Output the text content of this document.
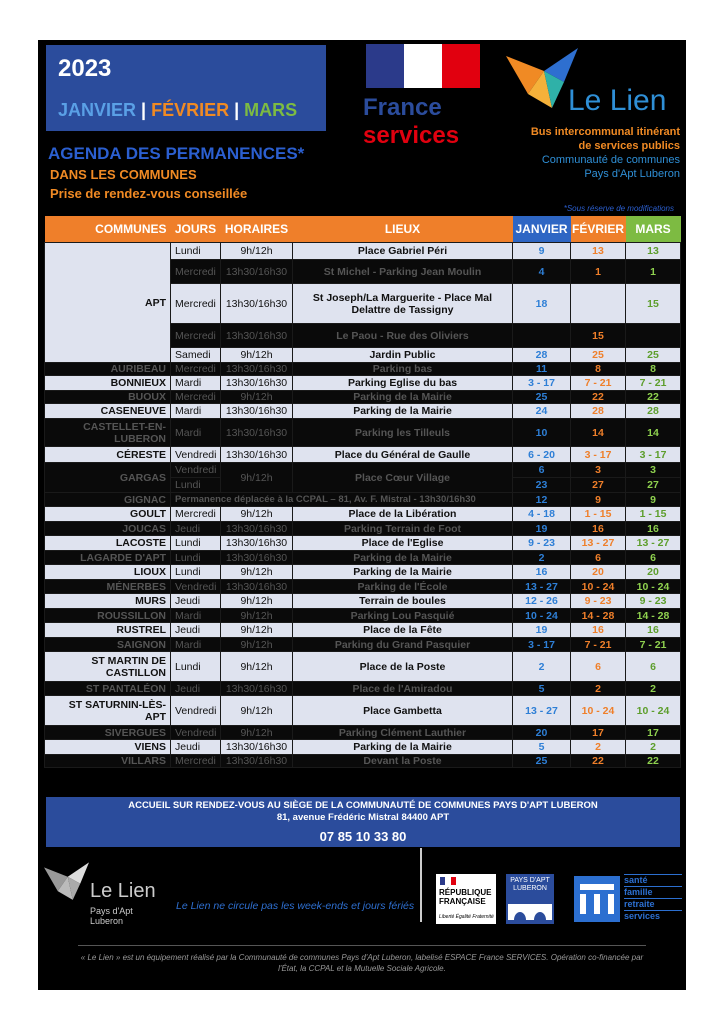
2023
JANVIER | FÉVRIER | MARS
AGENDA DES PERMANENCES*
DANS LES COMMUNES
Prise de rendez-vous conseillée
France
services
Le Lien
Bus intercommunal itinérant
de services publics
Communauté de communes
Pays d'Apt Luberon
*Sous réserve de modifications
COMMUNES	JOURS	HORAIRES	LIEUX	JANVIER	FÉVRIER	MARS
APT	Lundi	9h/12h	Place Gabriel Péri	9	13	13
	Mercredi	13h30/16h30	St Michel - Parking Jean Moulin	4	1	1
	Mercredi	13h30/16h30	St Joseph/La Marguerite - Place Mal Delattre de Tassigny	18		15
	Mercredi	13h30/16h30	Le Paou - Rue des Oliviers		15	
	Samedi	9h/12h	Jardin Public	28	25	25
AURIBEAU	Mercredi	13h30/16h30	Parking bas	11	8	8
BONNIEUX	Mardi	13h30/16h30	Parking Eglise du bas	3 - 17	7 - 21	7 - 21
BUOUX	Mercredi	9h/12h	Parking de la Mairie	25	22	22
CASENEUVE	Mardi	13h30/16h30	Parking de la Mairie	24	28	28
CASTELLET-EN-LUBERON	Mardi	13h30/16h30	Parking les Tilleuls	10	14	14
CÉRESTE	Vendredi	13h30/16h30	Place du Général de Gaulle	6 - 20	3 - 17	3 - 17
GARGAS	Vendredi	9h/12h	Place Cœur Village	6	3	3
	Lundi			23	27	27
GIGNAC	Permanence déplacée à la CCPAL – 81, Av. F. Mistral - 13h30/16h30			12	9	9
GOULT	Mercredi	9h/12h	Place de la Libération	4 - 18	1 - 15	1 - 15
JOUCAS	Jeudi	13h30/16h30	Parking Terrain de Foot	19	16	16
LACOSTE	Lundi	13h30/16h30	Place de l'Eglise	9 - 23	13 - 27	13 - 27
LAGARDE D'APT	Lundi	13h30/16h30	Parking de la Mairie	2	6	6
LIOUX	Lundi	9h/12h	Parking de la Mairie	16	20	20
MÉNERBES	Vendredi	13h30/16h30	Parking de l'École	13 - 27	10 - 24	10 - 24
MURS	Jeudi	9h/12h	Terrain de boules	12 - 26	9 - 23	9 - 23
ROUSSILLON	Mardi	9h/12h	Parking Lou Pasquié	10 - 24	14 - 28	14 - 28
RUSTREL	Jeudi	9h/12h	Place de la Fête	19	16	16
SAIGNON	Mardi	9h/12h	Parking du Grand Pasquier	3 - 17	7 - 21	7 - 21
ST MARTIN DE CASTILLON	Lundi	9h/12h	Place de la Poste	2	6	6
ST PANTALÉON	Jeudi	13h30/16h30	Place de l'Amiradou	5	2	2
ST SATURNIN-LÈS-APT	Vendredi	9h/12h	Place Gambetta	13 - 27	10 - 24	10 - 24
SIVERGUES	Vendredi	9h/12h	Parking Clément Lauthier	20	17	17
VIENS	Jeudi	13h30/16h30	Parking de la Mairie	5	2	2
VILLARS	Mercredi	13h30/16h30	Devant la Poste	25	22	22
ACCUEIL SUR RENDEZ-VOUS AU SIÈGE DE LA COMMUNAUTÉ DE COMMUNES PAYS D'APT LUBERON
81, avenue Frédéric Mistral 84400 APT
07 85 10 33 80
Le Lien
Pays d'Apt Luberon
Le Lien ne circule pas les week-ends et jours fériés
RÉPUBLIQUE
FRANÇAISE
Liberté Égalité Fraternité
PAYS D'APT LUBERON
santé
famille
retraite
services
« Le Lien » est un équipement réalisé par la Communauté de communes Pays d'Apt Luberon, labelisé ESPACE France SERVICES. Opération co-financée par l'État, la CCPAL et la Mutuelle Sociale Agricole.
